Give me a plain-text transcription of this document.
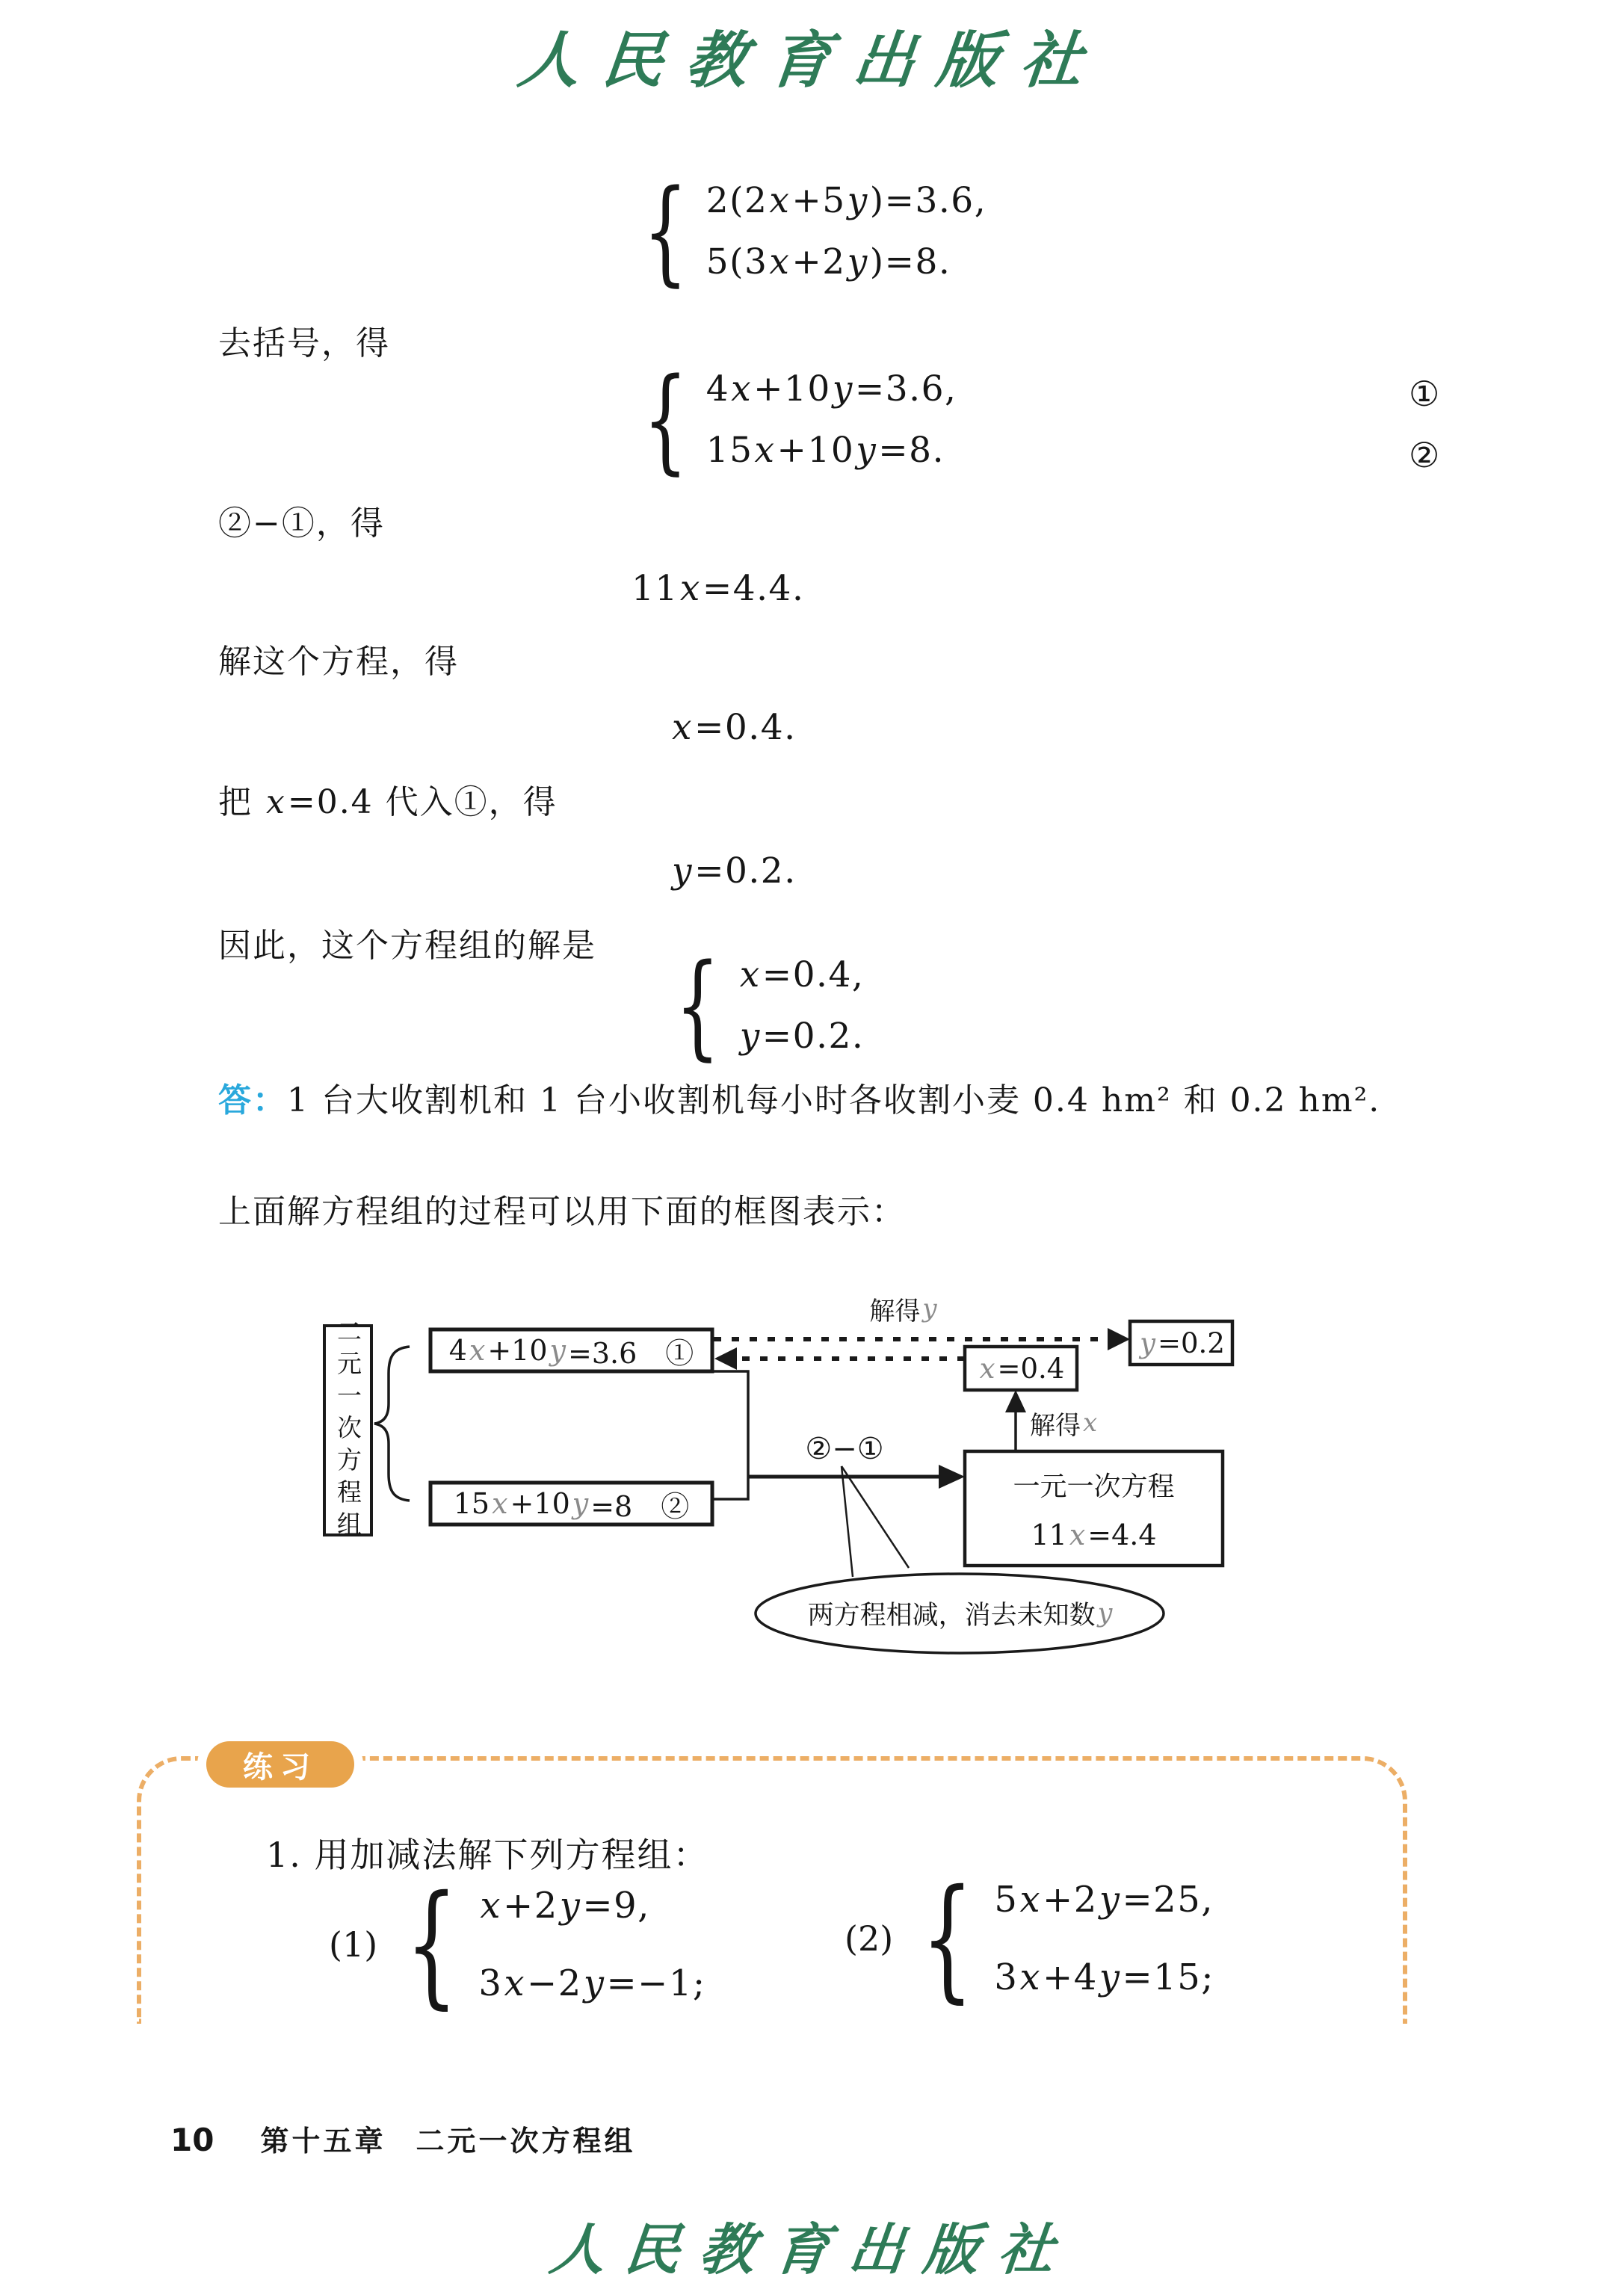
人民教育出版社
{ 2(2x+5y)=3.6,
5(3x+2y)=8.
去括号，得
{ 4x+10y=3.6,
15x+10y=8.
①
②
②−①，得
11x=4.4.
解这个方程，得
x=0.4.
把 x=0.4 代入①，得
y=0.2.
因此，这个方程组的解是 { x=0.4,
y=0.2.
答：1 台大收割机和 1 台小收割机每小时各收割小麦 0.4 hm² 和 0.2 hm².
上面解方程组的过程可以用下面的框图表示：
二元一次方程组	4 x +10 y =3.6　①
15 x +10 y =8　②
y =0.2
x =0.4
一元一次方程
11 x =4.4
解得 y
解得 x
②−①
两方程相减，消去未知数 y
练习
1. 用加减法解下列方程组：
(1) { x+2y=9,
3x−2y=−1;
(2) { 5x+2y=25,
3x+4y=15;
10 第十五章 二元一次方程组
人民教育出版社
